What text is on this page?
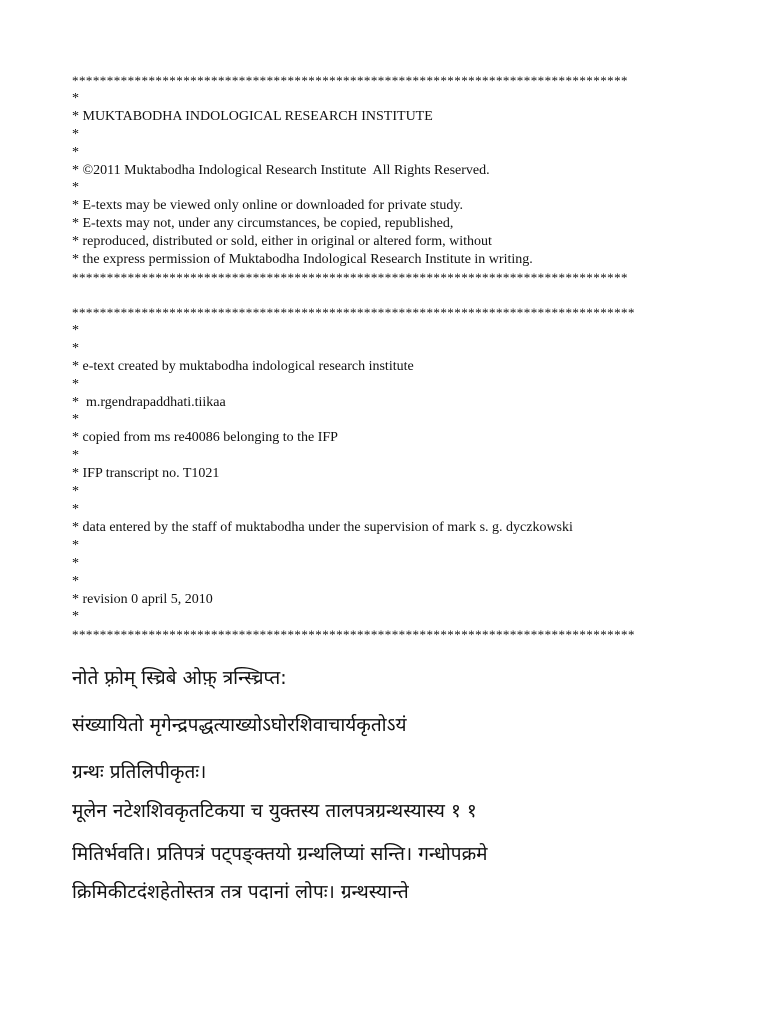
********************************************************************************
*
* MUKTABODHA INDOLOGICAL RESEARCH INSTITUTE
*
*
* ©2011 Muktabodha Indological Research Institute  All Rights Reserved.
*
* E-texts may be viewed only online or downloaded for private study.
* E-texts may not, under any circumstances, be copied, republished,
* reproduced, distributed or sold, either in original or altered form, without
* the express permission of Muktabodha Indological Research Institute in writing.
********************************************************************************
*********************************************************************************
*
*
* e-text created by muktabodha indological research institute
*
*  m.rgendrapaddhati.tiikaa
*
* copied from ms re40086 belonging to the IFP
*
* IFP transcript no. T1021
*
*
* data entered by the staff of muktabodha under the supervision of mark s. g. dyczkowski
*
*
*
* revision 0 april 5, 2010
*
*********************************************************************************
नोते फ़्रोम् स्च्रिबे ओफ़् त्रन्स्च्रिप्त:
संख्यायितो मृगेन्द्रपद्धत्याख्योऽघोरशिवाचार्यकृतोऽयं
ग्रन्थः प्रतिलिपीकृतः।
मूलेन नटेशशिवकृतटिकया च युक्तस्य तालपत्रग्रन्थस्यास्य १ १
मितिर्भवति। प्रतिपत्रं पट्पङ्क्तयो ग्रन्थलिप्यां सन्ति। गन्धोपक्रमे
क्रिमिकीटदंशहेतोस्तत्र तत्र पदानां लोपः। ग्रन्थस्यान्ते
